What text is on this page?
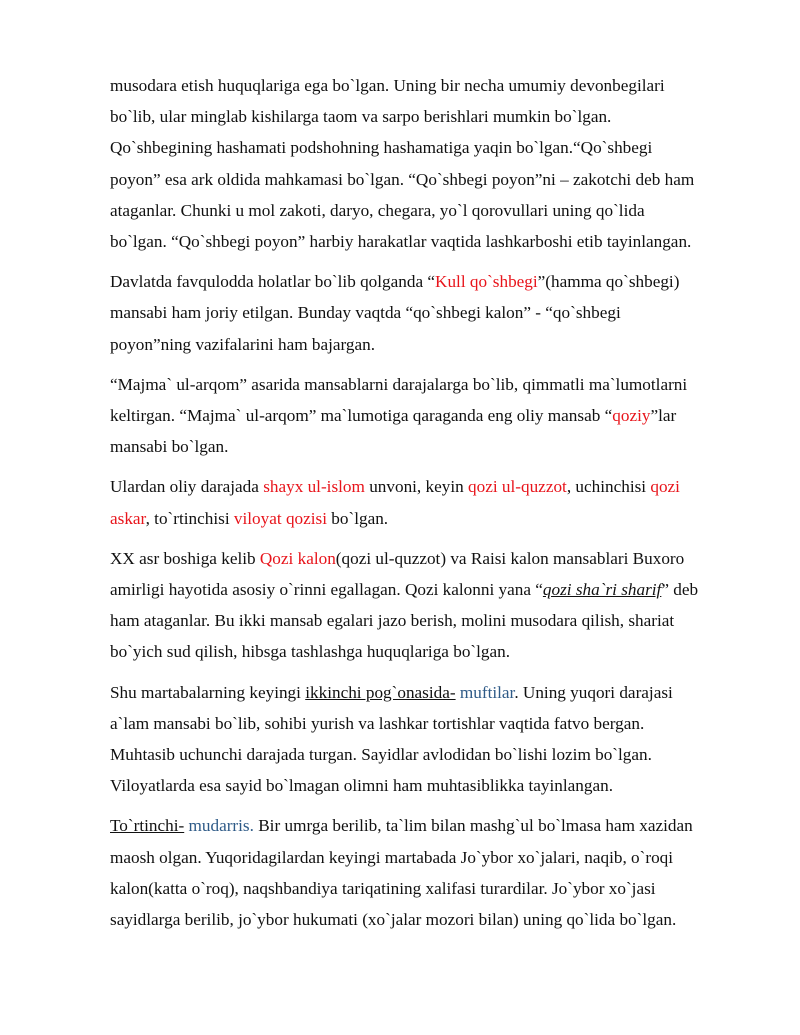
musodara etish huquqlariga ega bo`lgan. Uning bir necha umumiy devonbegilari
bo`lib, ular minglab kishilarga taom va sarpo berishlari mumkin bo`lgan.
Qo`shbegining hashamati podshohning hashamatiga yaqin bo`lgan.“Qo`shbegi
poyon” esa ark oldida mahkamasi bo`lgan. “Qo`shbegi poyon”ni – zakotchi deb ham
ataganlar. Chunki u mol zakoti, daryo, chegara, yo`l qorovullari uning qo`lida
bo`lgan. “Qo`shbegi poyon” harbiy harakatlar vaqtida lashkarboshi etib tayinlangan.
Davlatda favqulodda holatlar bo`lib qolganda “Kull qo`shbegi”(hamma qo`shbegi)
mansabi ham joriy etilgan. Bunday vaqtda “qo`shbegi kalon” - “qo`shbegi
poyon”ning vazifalarini ham bajargan.
“Majma` ul-arqom” asarida mansablarni darajalarga bo`lib, qimmatli ma`lumotlarni
keltirgan. “Majma` ul-arqom” ma`lumotiga qaraganda eng oliy mansab “qoziy”lar
mansabi bo`lgan.
Ulardan oliy darajada shayx ul-islom unvoni, keyin qozi ul-quzzot, uchinchisi qozi
askar, to`rtinchisi viloyat qozisi bo`lgan.
XX asr boshiga kelib Qozi kalon(qozi ul-quzzot) va Raisi kalon mansablari Buxoro
amirligi hayotida asosiy o`rinni egallagan. Qozi kalonni yana “qozi sha`ri sharif” deb
ham ataganlar. Bu ikki mansab egalari jazo berish, molini musodara qilish, shariat
bo`yich sud qilish, hibsga tashlashga huquqlariga bo`lgan.
Shu martabalarning keyingi ikkinchi pog`onasida- muftilar. Uning yuqori darajasi
a`lam mansabi bo`lib, sohibi yurish va lashkar tortishlar vaqtida fatvo bergan.
Muhtasib uchunchi darajada turgan. Sayidlar avlodidan bo`lishi lozim bo`lgan.
Viloyatlarda esa sayid bo`lmagan olimni ham muhtasiblikka tayinlangan.
To`rtinchi- mudarris. Bir umrga berilib, ta`lim bilan mashg`ul bo`lmasa ham xazidan
maosh olgan. Yuqoridagilardan keyingi martabada Jo`ybor xo`jalari, naqib, o`roqi
kalon(katta o`roq), naqshbandiya tariqatining xalifasi turardilar. Jo`ybor xo`jasi
sayidlarga berilib, jo`ybor hukumati (xo`jalar mozori bilan) uning qo`lida bo`lgan.
